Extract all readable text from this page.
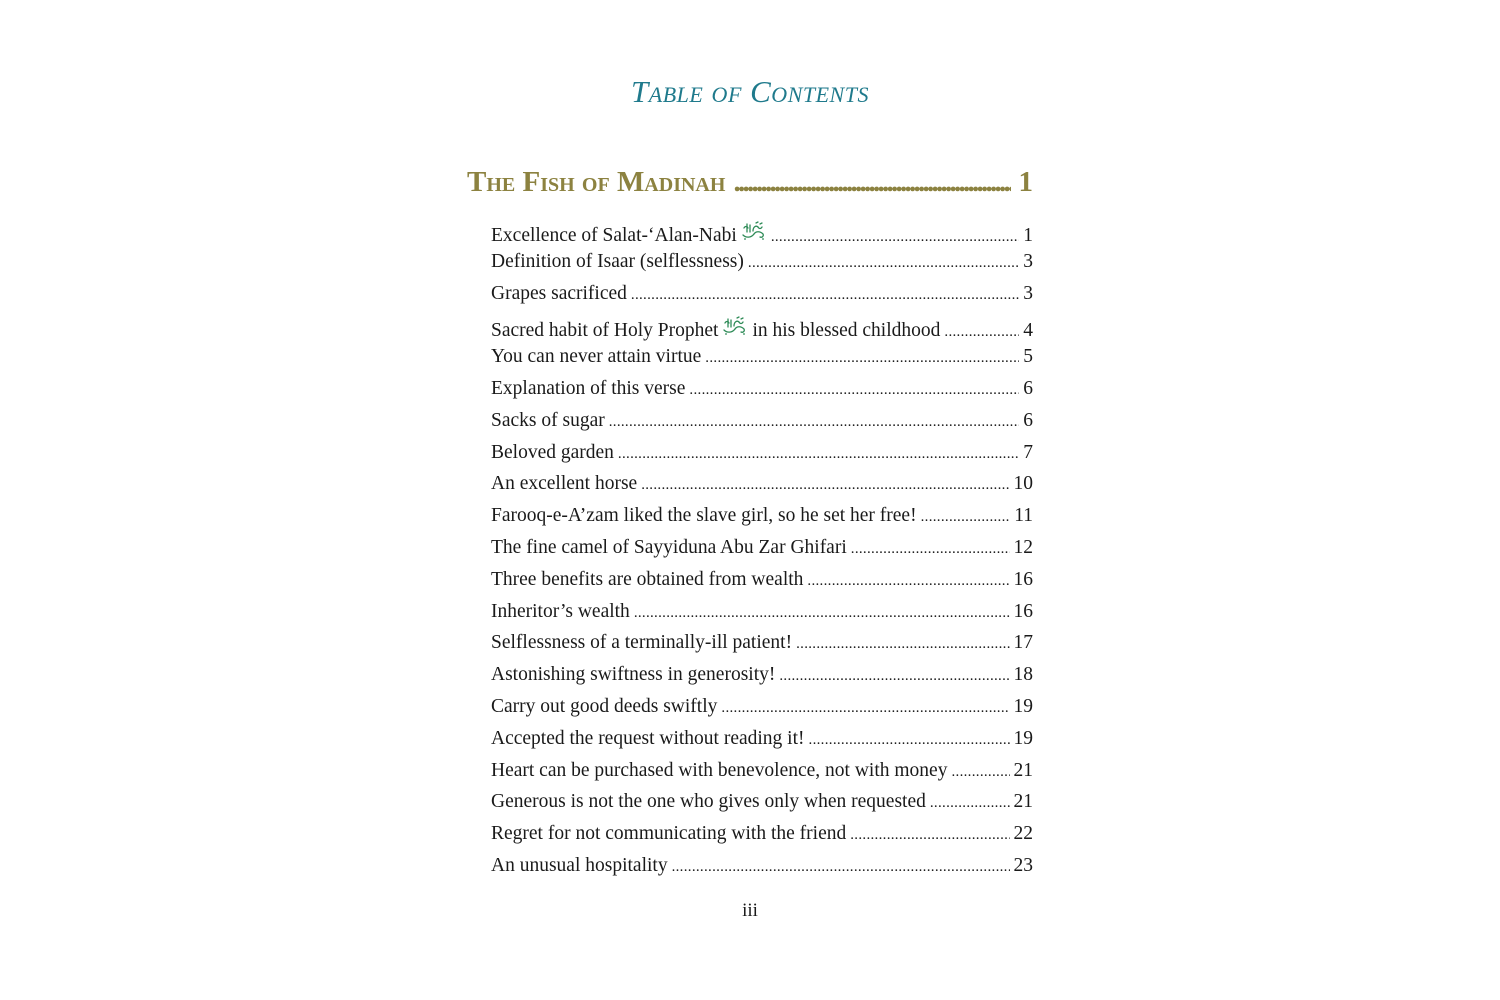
Table of Contents
The Fish of Madinah . . .	1
Excellence of Salat-‘Alan-Nabi .....	1
Definition of Isaar (selflessness) .....	3
Grapes sacrificed .....	3
Sacred habit of Holy Prophet in his blessed childhood .....	4
You can never attain virtue .....	5
Explanation of this verse .....	6
Sacks of sugar .....	6
Beloved garden .....	7
An excellent horse .....	10
Farooq-e-A’zam liked the slave girl, so he set her free! .....	11
The fine camel of Sayyiduna Abu Zar Ghifari .....	12
Three benefits are obtained from wealth .....	16
Inheritor’s wealth .....	16
Selflessness of a terminally-ill patient! .....	17
Astonishing swiftness in generosity! .....	18
Carry out good deeds swiftly .....	19
Accepted the request without reading it! .....	19
Heart can be purchased with benevolence, not with money .....	21
Generous is not the one who gives only when requested .....	21
Regret for not communicating with the friend .....	22
An unusual hospitality .....	23
iii
